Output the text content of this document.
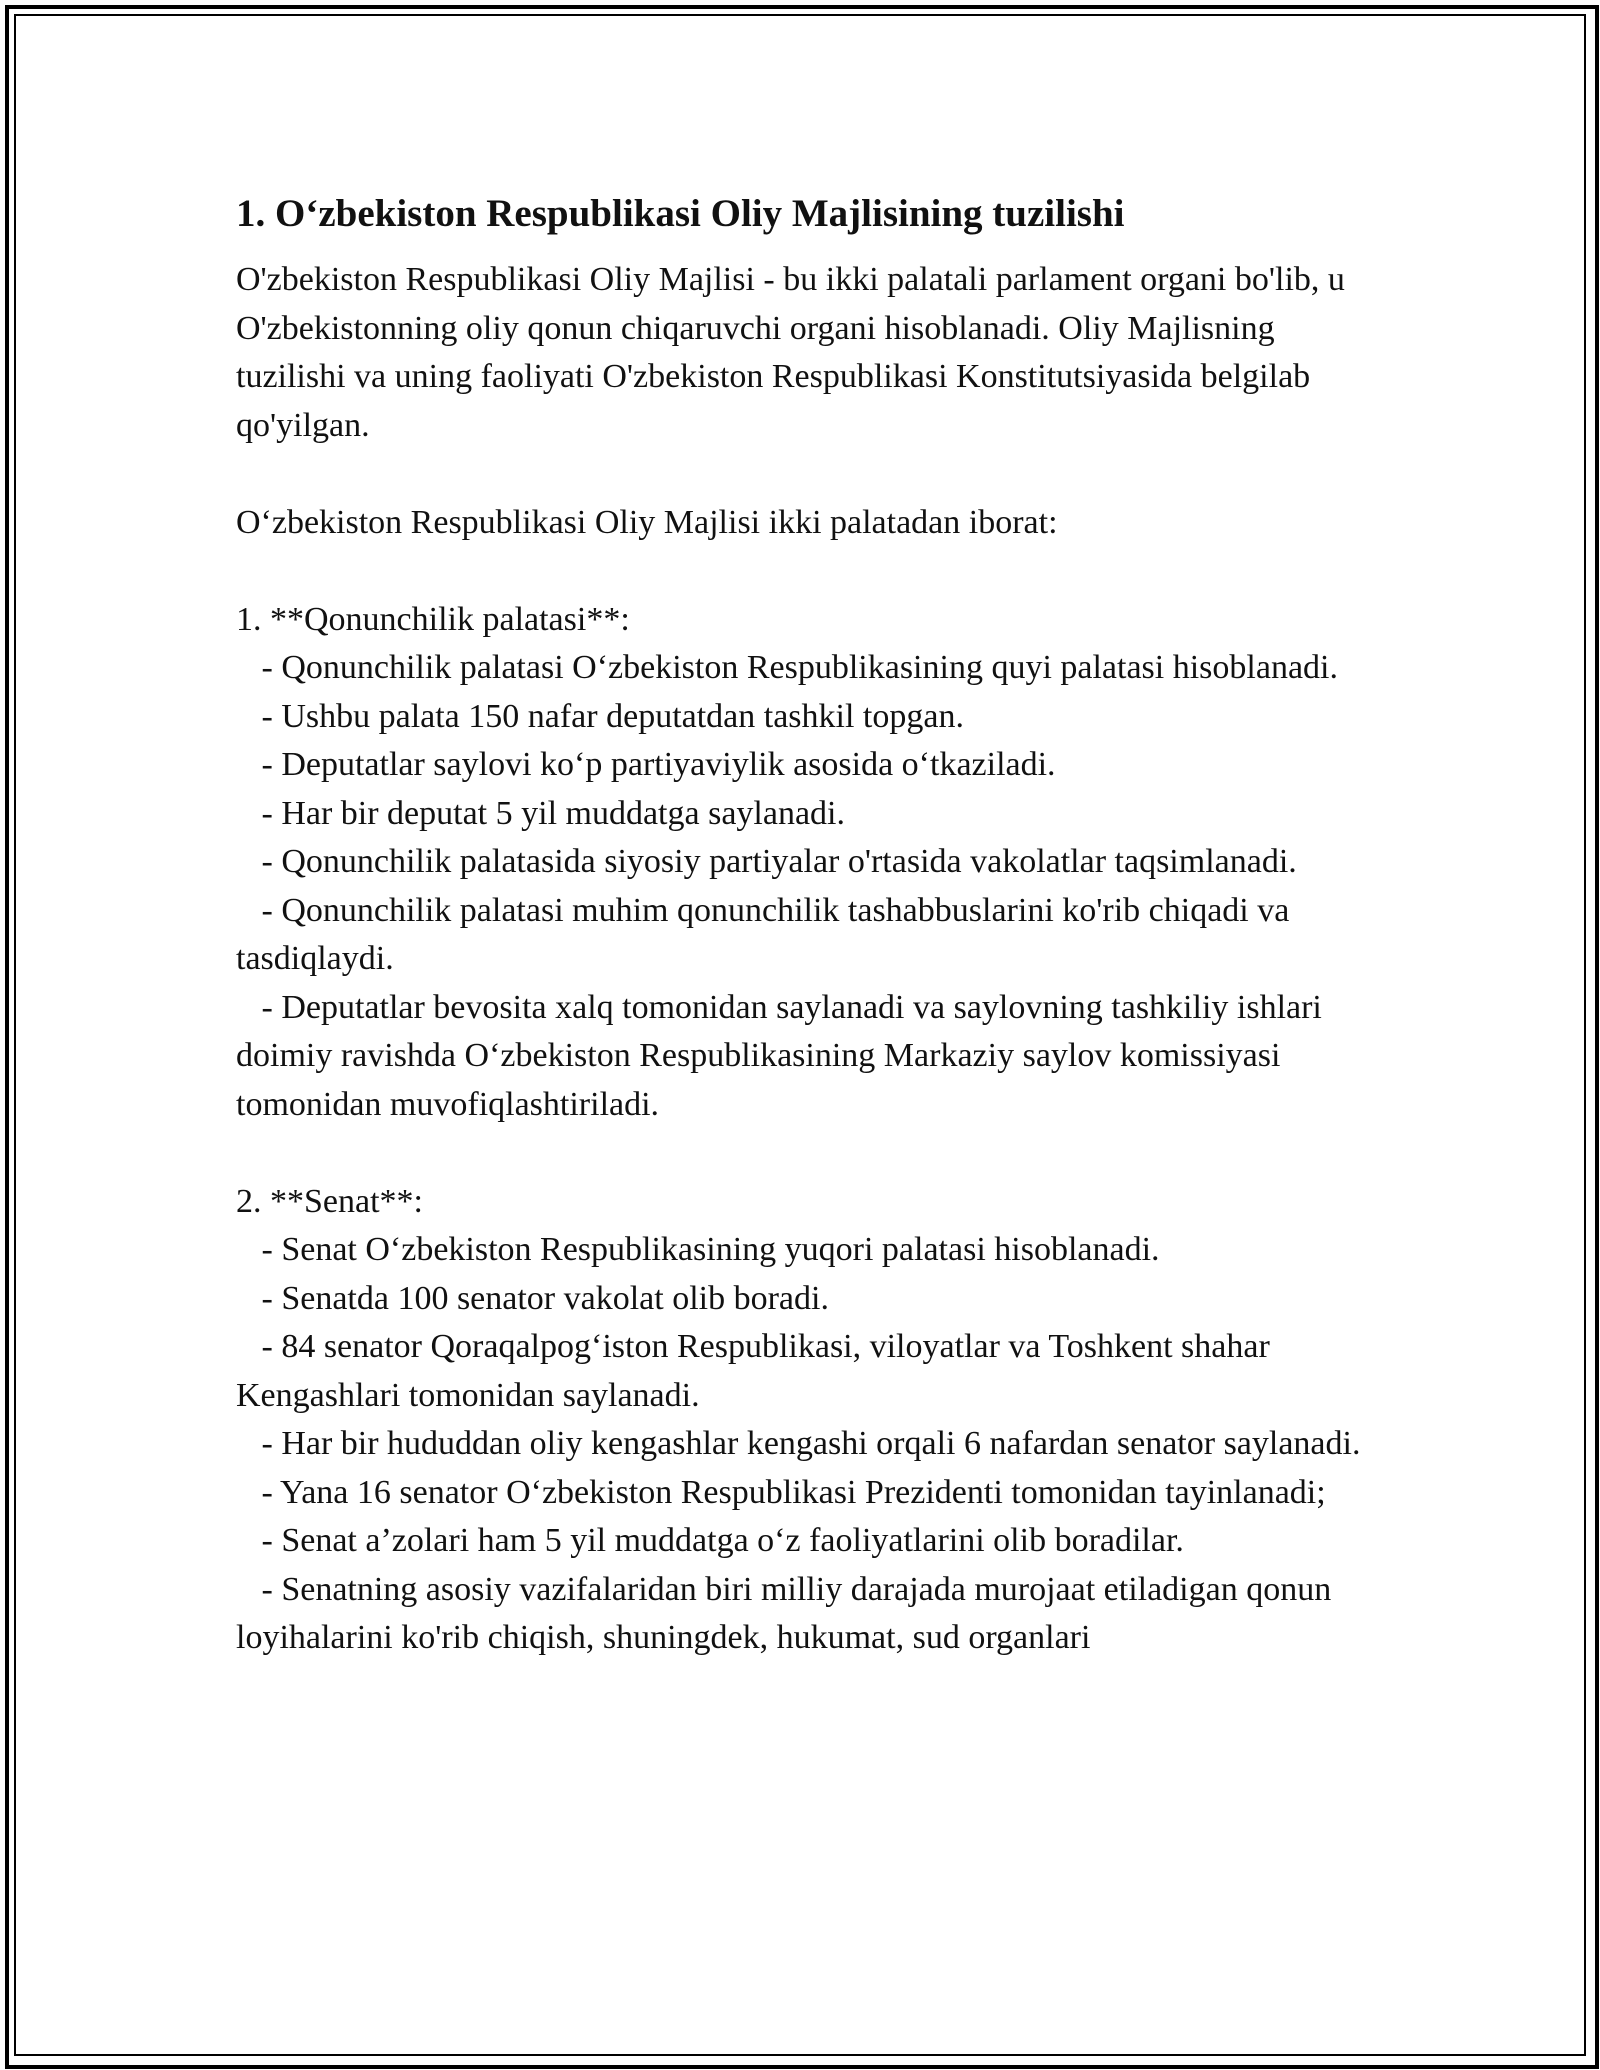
1. O‘zbekiston Respublikasi Oliy Majlisining tuzilishi

O'zbekiston Respublikasi Oliy Majlisi - bu ikki palatali parlament organi bo'lib, u O'zbekistonning oliy qonun chiqaruvchi organi hisoblanadi. Oliy Majlisning tuzilishi va uning faoliyati O'zbekiston Respublikasi Konstitutsiyasida belgilab qo'yilgan.

O‘zbekiston Respublikasi Oliy Majlisi ikki palatadan iborat:

1. **Qonunchilik palatasi**:

- Qonunchilik palatasi O‘zbekiston Respublikasining quyi palatasi hisoblanadi.

- Ushbu palata 150 nafar deputatdan tashkil topgan.

- Deputatlar saylovi ko‘p partiyaviylik asosida o‘tkaziladi.

- Har bir deputat 5 yil muddatga saylanadi.

- Qonunchilik palatasida siyosiy partiyalar o'rtasida vakolatlar taqsimlanadi.

- Qonunchilik palatasi muhim qonunchilik tashabbuslarini ko'rib chiqadi va tasdiqlaydi.

- Deputatlar bevosita xalq tomonidan saylanadi va saylovning tashkiliy ishlari doimiy ravishda O‘zbekiston Respublikasining Markaziy saylov komissiyasi tomonidan muvofiqlashtiriladi.

2. **Senat**:

- Senat O‘zbekiston Respublikasining yuqori palatasi hisoblanadi.

- Senatda 100 senator vakolat olib boradi.

- 84 senator Qoraqalpog‘iston Respublikasi, viloyatlar va Toshkent shahar Kengashlari tomonidan saylanadi.

- Har bir hududdan oliy kengashlar kengashi orqali 6 nafardan senator saylanadi.

- Yana 16 senator O‘zbekiston Respublikasi Prezidenti tomonidan tayinlanadi;

- Senat a’zolari ham 5 yil muddatga o‘z faoliyatlarini olib boradilar.

- Senatning asosiy vazifalaridan biri milliy darajada murojaat etiladigan qonun loyihalarini ko'rib chiqish, shuningdek, hukumat, sud organlari
